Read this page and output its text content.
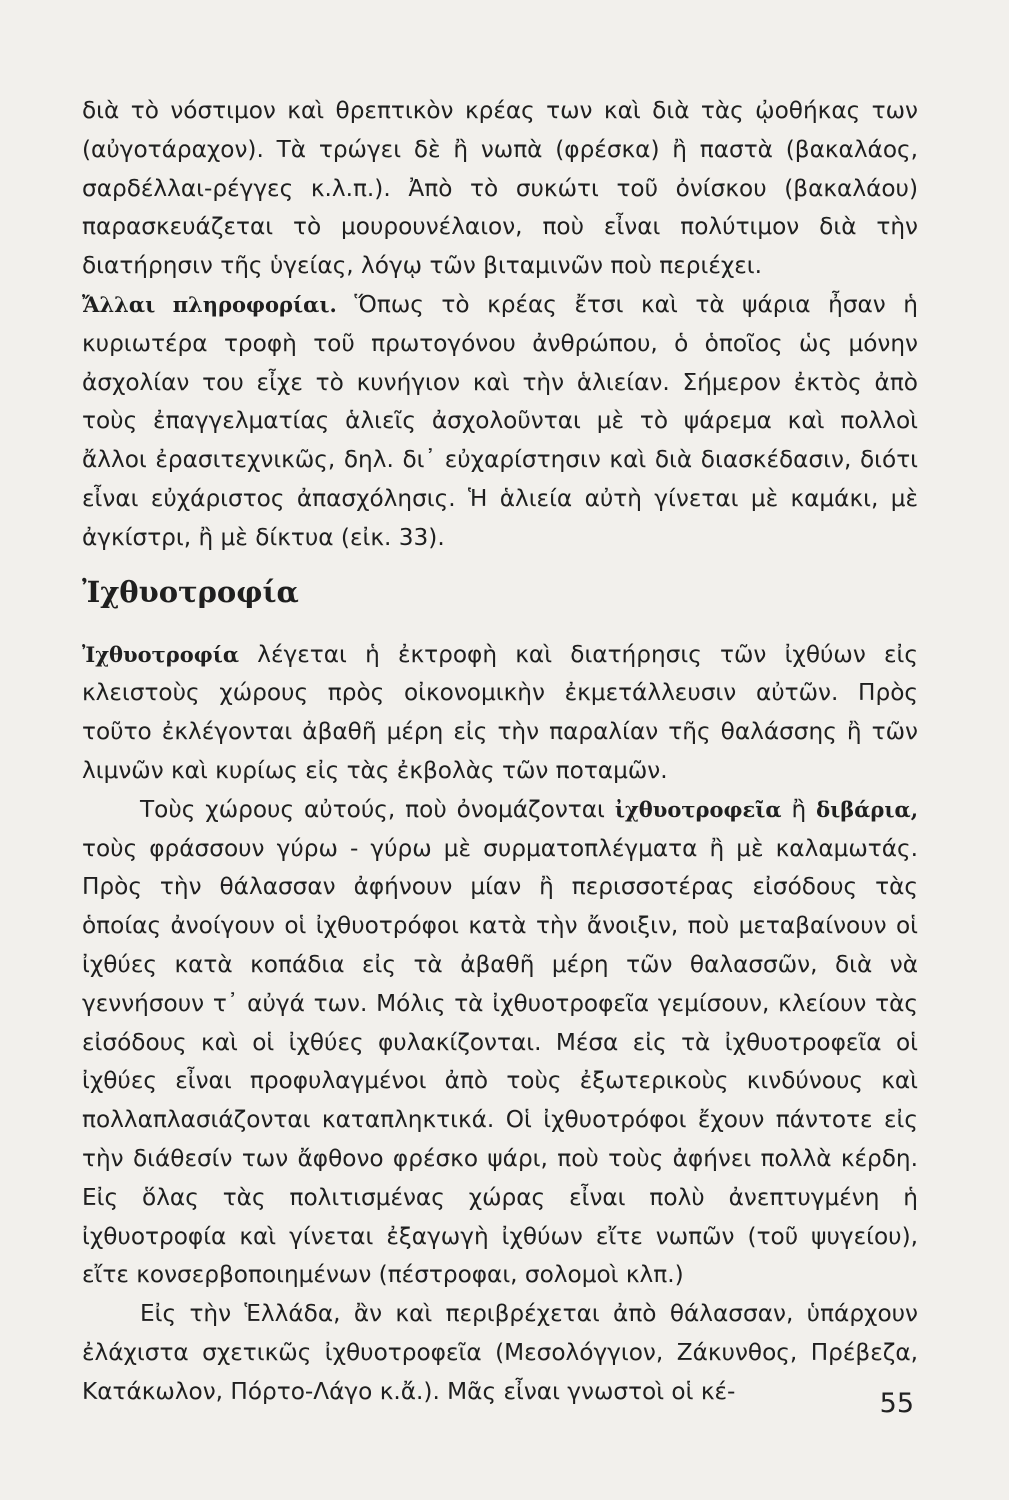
διὰ τὸ νόστιμον καὶ θρεπτικὸν κρέας των καὶ διὰ τὰς ᾠοθήκας των (αὐγοτάραχον). Τὰ τρώγει δὲ ἢ νωπὰ (φρέσκα) ἢ παστὰ (βακαλάος, σαρδέλλαι-ρέγγες κ.λ.π.). Ἀπὸ τὸ συκώτι τοῦ ὀνίσκου (βακαλάου) παρασκευάζεται τὸ μουρουνέλαιον, ποὺ εἶναι πολύτιμον διὰ τὴν διατήρησιν τῆς ὑγείας, λόγῳ τῶν βιταμινῶν ποὺ περιέχει.

Ἄλλαι πληροφορίαι. Ὅπως τὸ κρέας ἔτσι καὶ τὰ ψάρια ἦσαν ἡ κυριωτέρα τροφὴ τοῦ πρωτογόνου ἀνθρώπου, ὁ ὁποῖος ὡς μόνην ἀσχολίαν του εἶχε τὸ κυνήγιον καὶ τὴν ἁλιείαν. Σήμερον ἐκτὸς ἀπὸ τοὺς ἐπαγγελματίας ἁλιεῖς ἀσχολοῦνται μὲ τὸ ψάρεμα καὶ πολλοὶ ἄλλοι ἐρασιτεχνικῶς, δηλ. δι᾽ εὐχαρίστησιν καὶ διὰ διασκέδασιν, διότι εἶναι εὐχάριστος ἀπασχόλησις. Ἡ ἁλιεία αὐτὴ γίνεται μὲ καμάκι, μὲ ἀγκίστρι, ἢ μὲ δίκτυα (εἰκ. 33).

Ἰχθυοτροφία

Ἰχθυοτροφία λέγεται ἡ ἐκτροφὴ καὶ διατήρησις τῶν ἰχθύων εἰς κλειστοὺς χώρους πρὸς οἰκονομικὴν ἐκμετάλλευσιν αὐτῶν. Πρὸς τοῦτο ἐκλέγονται ἀβαθῆ μέρη εἰς τὴν παραλίαν τῆς θαλάσσης ἢ τῶν λιμνῶν καὶ κυρίως εἰς τὰς ἐκβολὰς τῶν ποταμῶν.

Τοὺς χώρους αὐτούς, ποὺ ὀνομάζονται ἰχθυοτροφεῖα ἢ διβάρια, τοὺς φράσσουν γύρω - γύρω μὲ συρματοπλέγματα ἢ μὲ καλαμωτάς. Πρὸς τὴν θάλασσαν ἀφήνουν μίαν ἢ περισσοτέρας εἰσόδους τὰς ὁποίας ἀνοίγουν οἱ ἰχθυοτρόφοι κατὰ τὴν ἄνοιξιν, ποὺ μεταβαίνουν οἱ ἰχθύες κατὰ κοπάδια εἰς τὰ ἀβαθῆ μέρη τῶν θαλασσῶν, διὰ νὰ γεννήσουν τ᾽ αὐγά των. Μόλις τὰ ἰχθυοτροφεῖα γεμίσουν, κλείουν τὰς εἰσόδους καὶ οἱ ἰχθύες φυλακίζονται. Μέσα εἰς τὰ ἰχθυοτροφεῖα οἱ ἰχθύες εἶναι προφυλαγμένοι ἀπὸ τοὺς ἐξωτερικοὺς κινδύνους καὶ πολλαπλασιάζονται καταπληκτικά. Οἱ ἰχθυοτρόφοι ἔχουν πάντοτε εἰς τὴν διάθεσίν των ἄφθονο φρέσκο ψάρι, ποὺ τοὺς ἀφήνει πολλὰ κέρδη. Εἰς ὅλας τὰς πολιτισμένας χώρας εἶναι πολὺ ἀνεπτυγμένη ἡ ἰχθυοτροφία καὶ γίνεται ἐξαγωγὴ ἰχθύων εἴτε νωπῶν (τοῦ ψυγείου), εἴτε κονσερβοποιημένων (πέστροφαι, σολομοὶ κλπ.)

Εἰς τὴν Ἑλλάδα, ἂν καὶ περιβρέχεται ἀπὸ θάλασσαν, ὑπάρχουν ἐλάχιστα σχετικῶς ἰχθυοτροφεῖα (Μεσολόγγιον, Ζάκυνθος, Πρέβεζα, Κατάκωλον, Πόρτο-Λάγο κ.ἄ.). Μᾶς εἶναι γνωστοὶ οἱ κέ-	55
